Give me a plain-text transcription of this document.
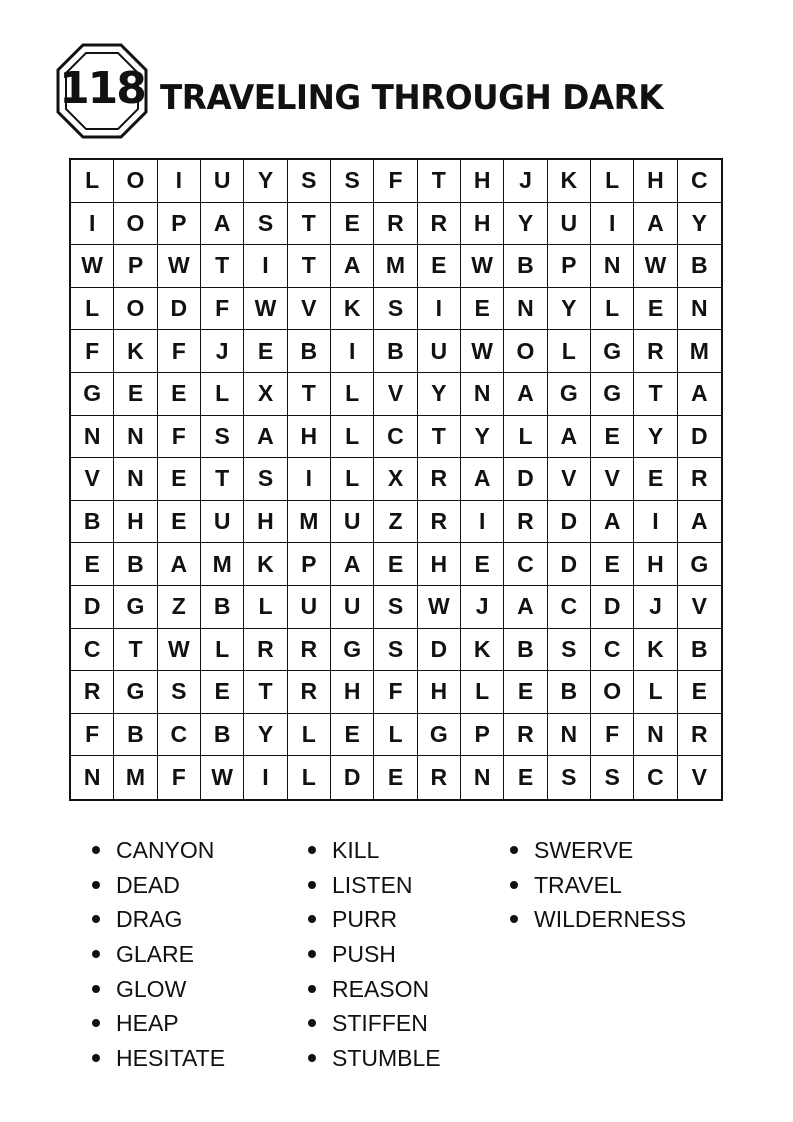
118 TRAVELING THROUGH DARK
L	O	I	U	Y	S	S	F	T	H	J	K	L	H	C
I	O	P	A	S	T	E	R	R	H	Y	U	I	A	Y
W	P	W	T	I	T	A	M	E	W	B	P	N	W	B
L	O	D	F	W	V	K	S	I	E	N	Y	L	E	N
F	K	F	J	E	B	I	B	U	W	O	L	G	R	M
G	E	E	L	X	T	L	V	Y	N	A	G	G	T	A
N	N	F	S	A	H	L	C	T	Y	L	A	E	Y	D
V	N	E	T	S	I	L	X	R	A	D	V	V	E	R
B	H	E	U	H	M	U	Z	R	I	R	D	A	I	A
E	B	A	M	K	P	A	E	H	E	C	D	E	H	G
D	G	Z	B	L	U	U	S	W	J	A	C	D	J	V
C	T	W	L	R	R	G	S	D	K	B	S	C	K	B
R	G	S	E	T	R	H	F	H	L	E	B	O	L	E
F	B	C	B	Y	L	E	L	G	P	R	N	F	N	R
N	M	F	W	I	L	D	E	R	N	E	S	S	C	V
CANYON
DEAD
DRAG
GLARE
GLOW
HEAP
HESITATE
KILL
LISTEN
PURR
PUSH
REASON
STIFFEN
STUMBLE
SWERVE
TRAVEL
WILDERNESS
